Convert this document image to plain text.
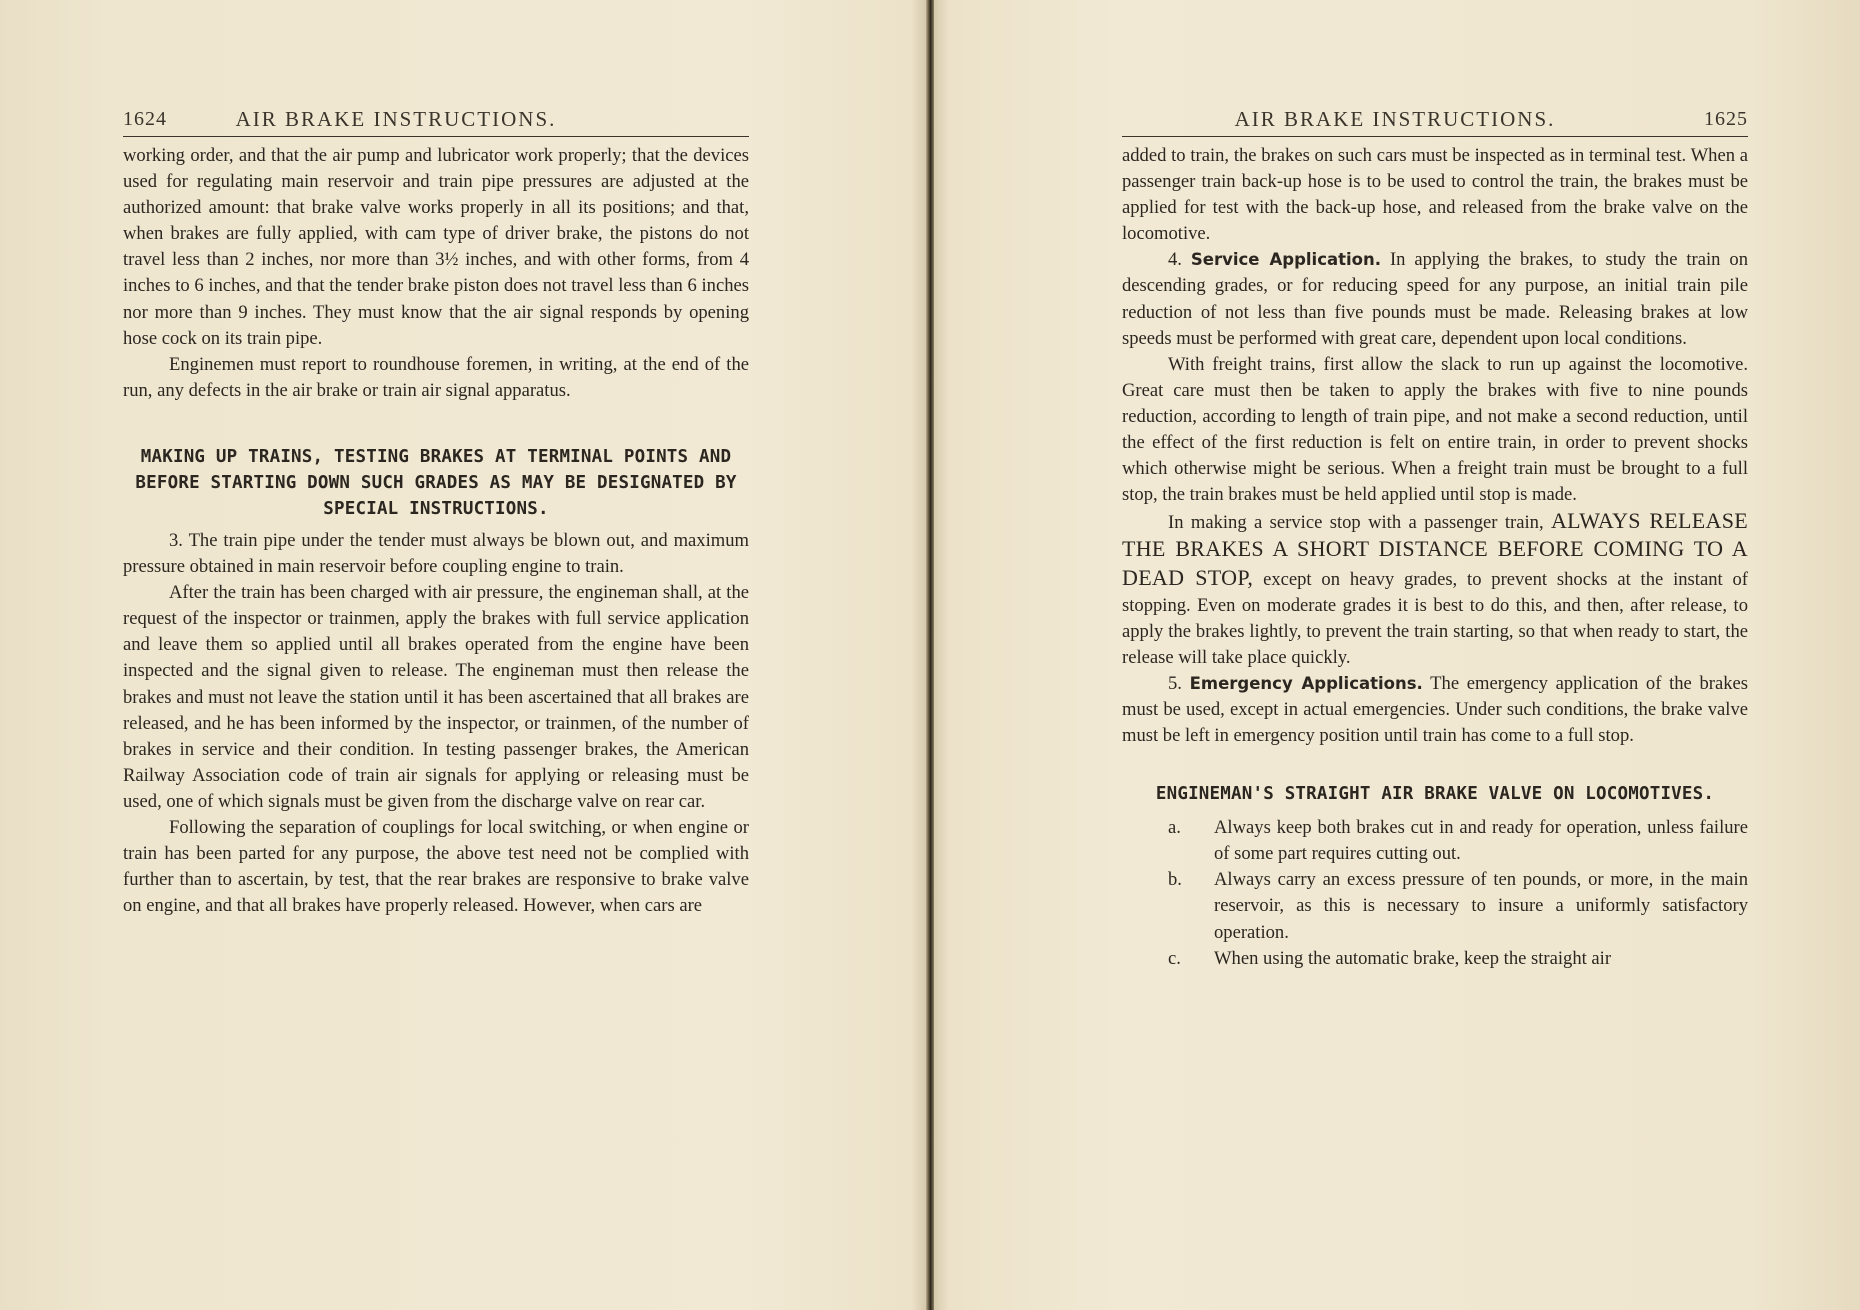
1624	AIR BRAKE INSTRUCTIONS.

working order, and that the air pump and lubricator work properly; that the devices used for regulating main reservoir and train pipe pressures are adjusted at the authorized amount: that brake valve works properly in all its positions; and that, when brakes are fully applied, with cam type of driver brake, the pistons do not travel less than 2 inches, nor more than 3½ inches, and with other forms, from 4 inches to 6 inches, and that the tender brake piston does not travel less than 6 inches nor more than 9 inches. They must know that the air signal responds by opening hose cock on its train pipe.

Enginemen must report to roundhouse foremen, in writing, at the end of the run, any defects in the air brake or train air signal apparatus.

MAKING UP TRAINS, TESTING BRAKES AT TERMINAL POINTS AND BEFORE STARTING DOWN SUCH GRADES AS MAY BE DESIGNATED BY SPECIAL INSTRUCTIONS.

3. The train pipe under the tender must always be blown out, and maximum pressure obtained in main reservoir before coupling engine to train.

After the train has been charged with air pressure, the engineman shall, at the request of the inspector or trainmen, apply the brakes with full service application and leave them so applied until all brakes operated from the engine have been inspected and the signal given to release. The engineman must then release the brakes and must not leave the station until it has been ascertained that all brakes are released, and he has been informed by the inspector, or trainmen, of the number of brakes in service and their condition. In testing passenger brakes, the American Railway Association code of train air signals for applying or releasing must be used, one of which signals must be given from the discharge valve on rear car.

Following the separation of couplings for local switching, or when engine or train has been parted for any purpose, the above test need not be complied with further than to ascertain, by test, that the rear brakes are responsive to brake valve on engine, and that all brakes have properly released. However, when cars are

AIR BRAKE INSTRUCTIONS.	1625

added to train, the brakes on such cars must be inspected as in terminal test. When a passenger train back-up hose is to be used to control the train, the brakes must be applied for test with the back-up hose, and released from the brake valve on the locomotive.

4. Service Application. In applying the brakes, to study the train on descending grades, or for reducing speed for any purpose, an initial train pile reduction of not less than five pounds must be made. Releasing brakes at low speeds must be performed with great care, dependent upon local conditions.

With freight trains, first allow the slack to run up against the locomotive. Great care must then be taken to apply the brakes with five to nine pounds reduction, according to length of train pipe, and not make a second reduction, until the effect of the first reduction is felt on entire train, in order to prevent shocks which otherwise might be serious. When a freight train must be brought to a full stop, the train brakes must be held applied until stop is made.

In making a service stop with a passenger train, ALWAYS RELEASE THE BRAKES A SHORT DISTANCE BEFORE COMING TO A DEAD STOP, except on heavy grades, to prevent shocks at the instant of stopping. Even on moderate grades it is best to do this, and then, after release, to apply the brakes lightly, to prevent the train starting, so that when ready to start, the release will take place quickly.

5. Emergency Applications. The emergency application of the brakes must be used, except in actual emergencies. Under such conditions, the brake valve must be left in emergency position until train has come to a full stop.

ENGINEMAN'S STRAIGHT AIR BRAKE VALVE ON LOCOMOTIVES.

a. Always keep both brakes cut in and ready for operation, unless failure of some part requires cutting out.
b. Always carry an excess pressure of ten pounds, or more, in the main reservoir, as this is necessary to insure a uniformly satisfactory operation.
c. When using the automatic brake, keep the straight air
